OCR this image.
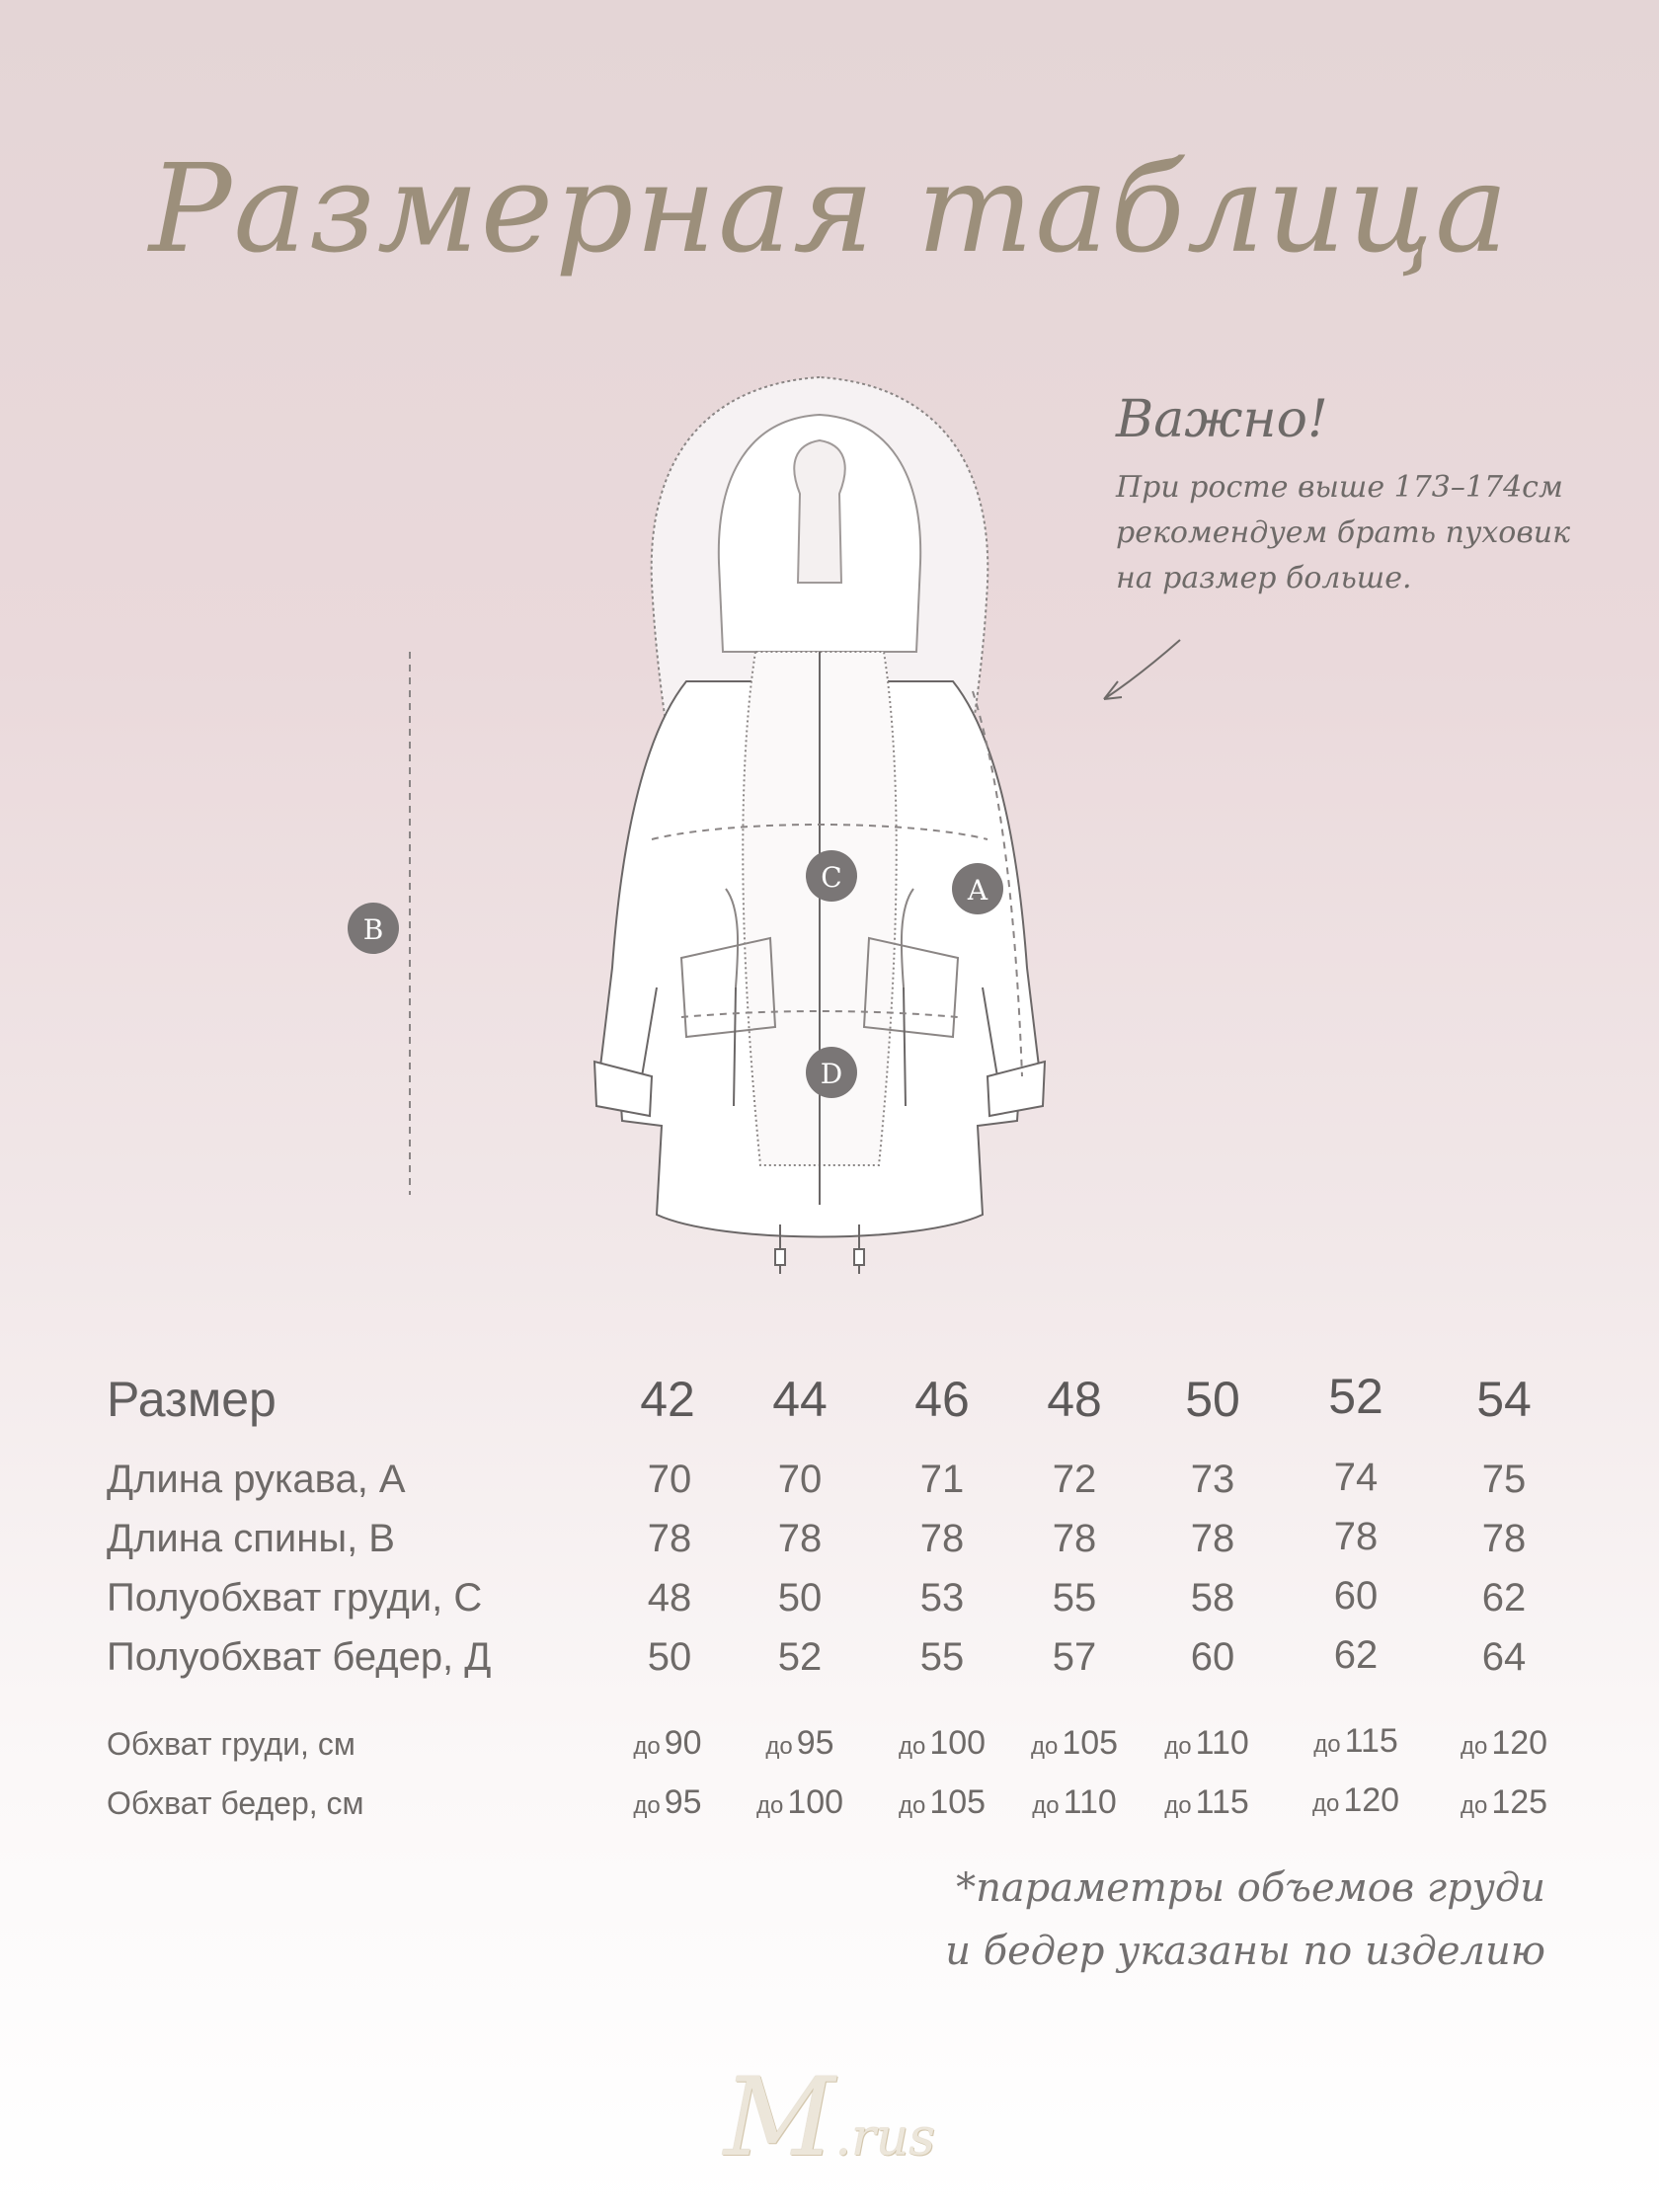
Размерная таблица
Важно!
При росте выше 173–174см
рекомендуем брать пуховик
на размер больше.
A
B
C
D
Размер	42 44 46 48 50 52 54
Длина рукава, А	70 70 71 72 73	74	75
Длина спины, В	78 78 78 78 78	78	78
Полуобхват груди, С	48 50 53 55 58	60	62
Полуобхват бедер, Д	50 52 55 57 60	62	64
Обхват груди, см	до 90	до 95	до 100 до 105 до 110	до 115	до 120
Обхват бедер, см	до 95 до 100 до 105 до 110 до 115	до 120	до 125
*параметры объемов груди
и бедер указаны по изделию
M.rus
